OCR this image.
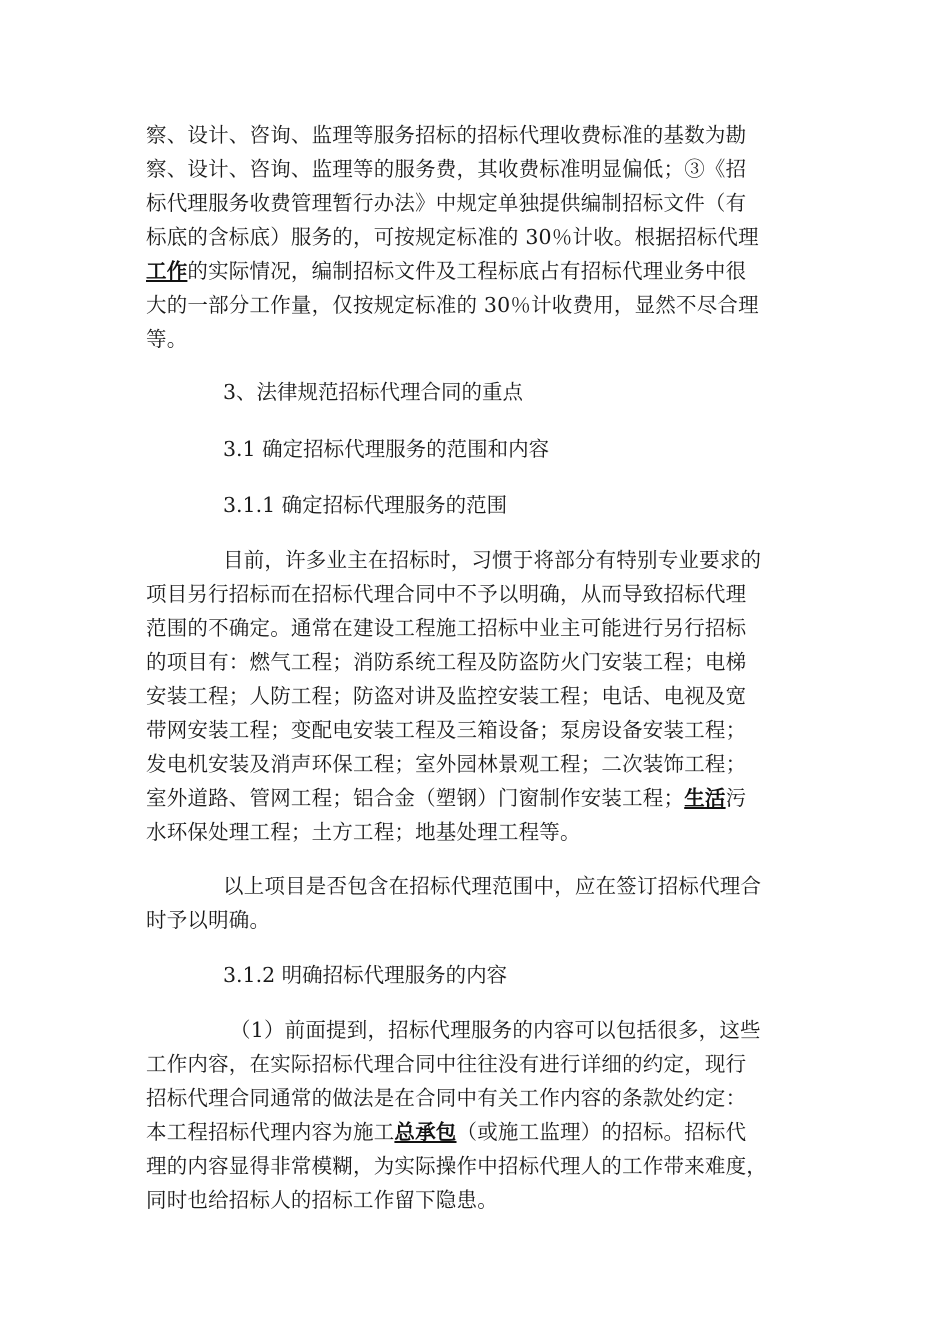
察、设计、咨询、监理等服务招标的招标代理收费标准的基数为勘
察、设计、咨询、监理等的服务费，其收费标准明显偏低；③《招
标代理服务收费管理暂行办法》中规定单独提供编制招标文件（有
标底的含标底）服务的，可按规定标准的 30％计收。根据招标代理
工作的实际情况，编制招标文件及工程标底占有招标代理业务中很
大的一部分工作量，仅按规定标准的 30％计收费用，显然不尽合理
等。
3、法律规范招标代理合同的重点
3.1 确定招标代理服务的范围和内容
3.1.1 确定招标代理服务的范围
目前，许多业主在招标时，习惯于将部分有特别专业要求的
项目另行招标而在招标代理合同中不予以明确，从而导致招标代理
范围的不确定。通常在建设工程施工招标中业主可能进行另行招标
的项目有：燃气工程；消防系统工程及防盗防火门安装工程；电梯
安装工程；人防工程；防盗对讲及监控安装工程；电话、电视及宽
带网安装工程；变配电安装工程及三箱设备；泵房设备安装工程；
发电机安装及消声环保工程；室外园林景观工程；二次装饰工程；
室外道路、管网工程；铝合金（塑钢）门窗制作安装工程；生活污
水环保处理工程；土方工程；地基处理工程等。
以上项目是否包含在招标代理范围中，应在签订招标代理合
时予以明确。
3.1.2 明确招标代理服务的内容
（1）前面提到，招标代理服务的内容可以包括很多，这些
工作内容，在实际招标代理合同中往往没有进行详细的约定，现行
招标代理合同通常的做法是在合同中有关工作内容的条款处约定：
本工程招标代理内容为施工总承包（或施工监理）的招标。招标代
理的内容显得非常模糊，为实际操作中招标代理人的工作带来难度，
同时也给招标人的招标工作留下隐患。
